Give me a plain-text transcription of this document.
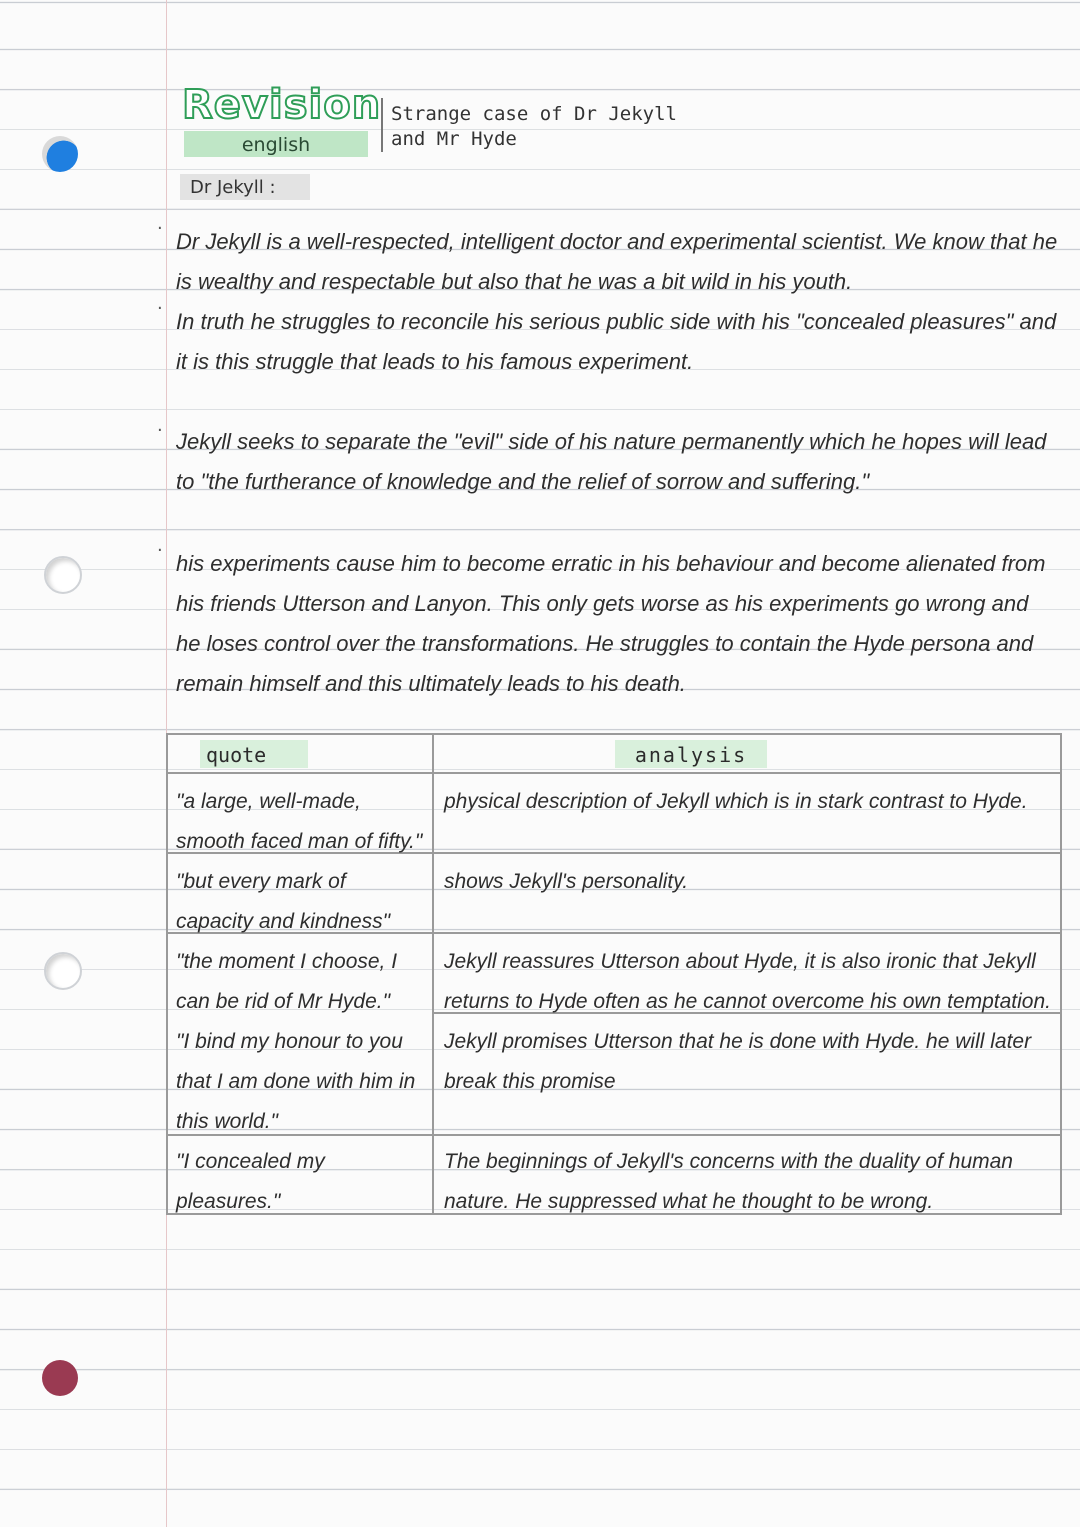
Revision
english
Strange case of Dr Jekyll
and Mr Hyde
Dr Jekyll :
·
Dr Jekyll is a well-respected, intelligent doctor and experimental scientist. We know that he is wealthy and respectable but also that he was a bit wild in his youth.
·
In truth he struggles to reconcile his serious public side with his "concealed pleasures" and it is this struggle that leads to his famous experiment.
· Jekyll seeks to separate the "evil" side of his nature permanently which he hopes will lead to "the furtherance of knowledge and the relief of sorrow and suffering."
·
his experiments cause him to become erratic in his behaviour and become alienated from his friends Utterson and Lanyon. This only gets worse as his experiments go wrong and he loses control over the transformations. He struggles to contain the Hyde persona and remain himself and this ultimately leads to his death.
quote	analysis
"a large, well-made, smooth faced man of fifty."
physical description of Jekyll which is in stark contrast to Hyde.
"but every mark of capacity and kindness"
shows Jekyll's personality.
"the moment I choose, I can be rid of Mr Hyde."
Jekyll reassures Utterson about Hyde, it is also ironic that Jekyll returns to Hyde often as he cannot overcome his own temptation.
"I bind my honour to you that I am done with him in this world."
Jekyll promises Utterson that he is done with Hyde. he will later break this promise
"I concealed my pleasures."
The beginnings of Jekyll's concerns with the duality of human nature. He suppressed what he thought to be wrong.
